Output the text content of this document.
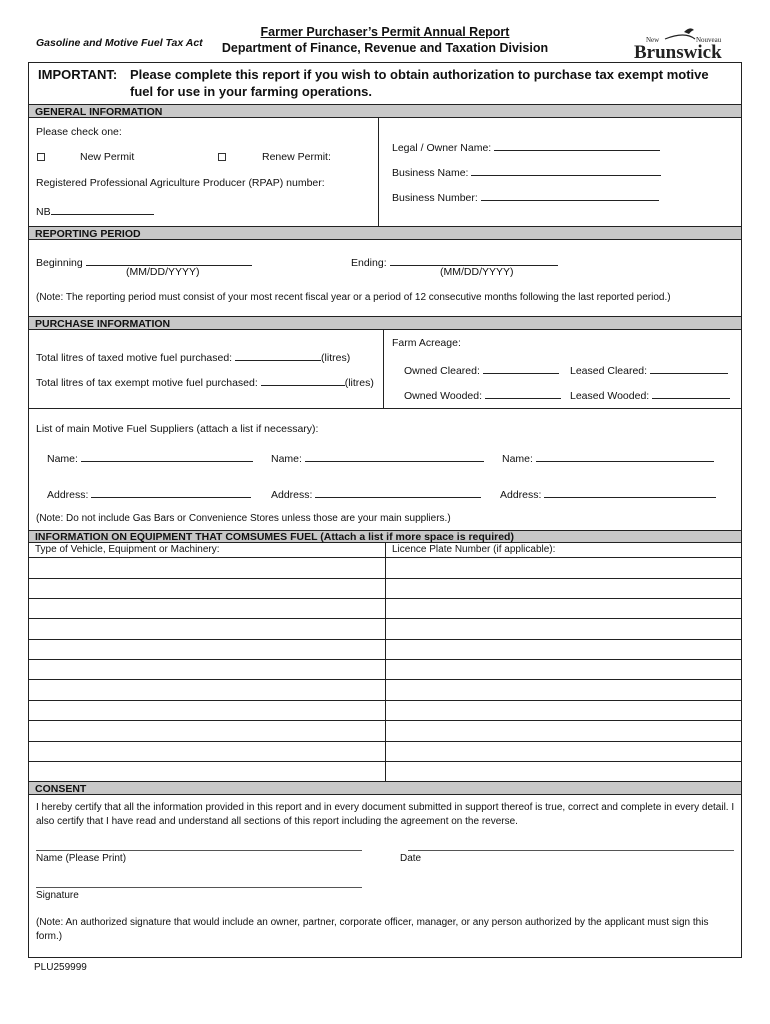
Gasoline and Motive Fuel Tax Act
Farmer Purchaser’s Permit Annual Report
Department of Finance, Revenue and Taxation Division
New	Nouveau
Brunswick
IMPORTANT: Please complete this report if you wish to obtain authorization to purchase tax exempt motive fuel for use in your farming operations.
GENERAL INFORMATION
Please check one:
New Permit	Renew Permit:
Registered Professional Agriculture Producer (RPAP) number:
NB
Legal / Owner Name:
Business Name:
Business Number:
REPORTING PERIOD
Beginning
(MM/DD/YYYY)
Ending:
(MM/DD/YYYY)
(Note: The reporting period must consist of your most recent fiscal year or a period of 12 consecutive months following the last reported period.)
PURCHASE INFORMATION
Total litres of taxed motive fuel purchased:	(litres)
Total litres of tax exempt motive fuel purchased:	(litres)
Farm Acreage:
Owned Cleared:	Leased Cleared:
Owned Wooded:	Leased Wooded:
List of main Motive Fuel Suppliers (attach a list if necessary):
Name:	Name:	Name:
Address:	Address:	Address:
(Note: Do not include Gas Bars or Convenience Stores unless those are your main suppliers.)
INFORMATION ON EQUIPMENT THAT COMSUMES FUEL (Attach a list if more space is required)
Type of Vehicle, Equipment or Machinery:	Licence Plate Number (if applicable):
CONSENT
I hereby certify that all the information provided in this report and in every document submitted in support thereof is true, correct and complete in every detail. I also certify that I have read and understand all sections of this report including the agreement on the reverse.
Name (Please Print)	Date
Signature
(Note: An authorized signature that would include an owner, partner, corporate officer, manager, or any person authorized by the applicant must sign this form.)
PLU259999
